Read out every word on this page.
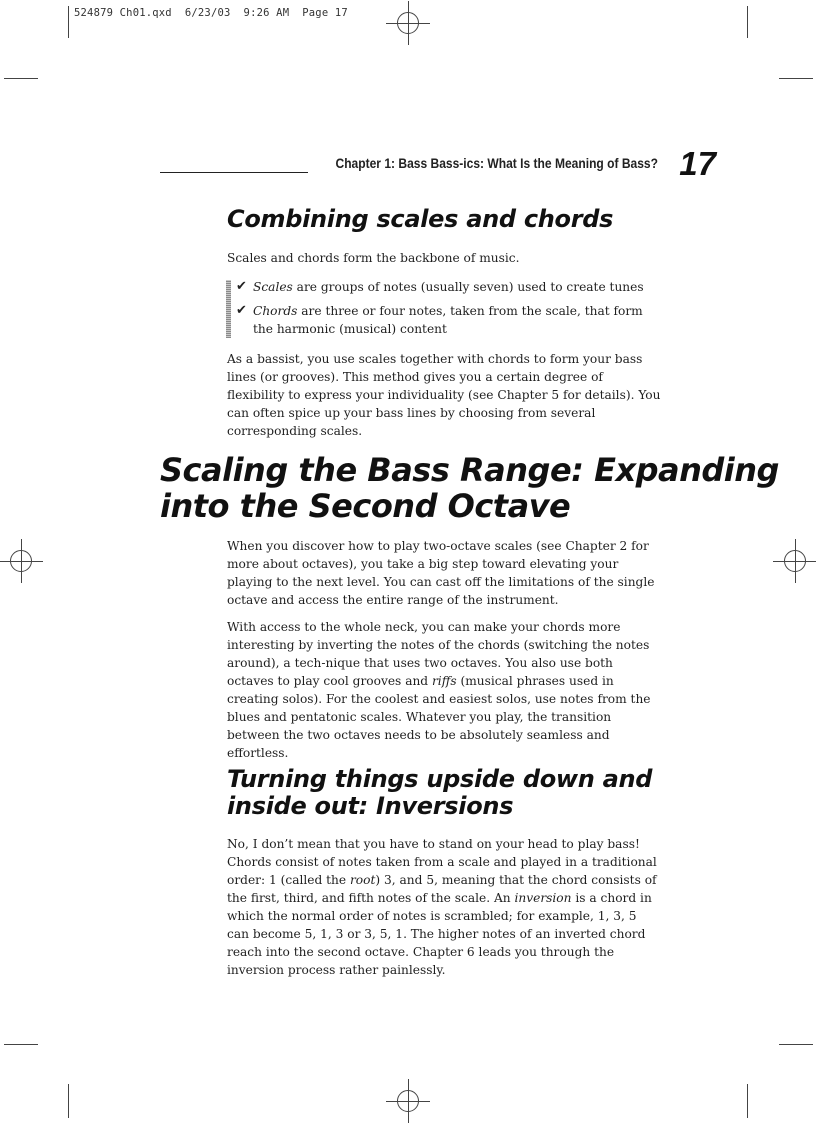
524879 Ch01.qxd  6/23/03  9:26 AM  Page 17
Chapter 1: Bass Bass-ics: What Is the Meaning of Bass? 17
Combining scales and chords

Scales and chords form the backbone of music.

✔ Scales are groups of notes (usually seven) used to create tunes
✔ Chords are three or four notes, taken from the scale, that form the harmonic (musical) content

As a bassist, you use scales together with chords to form your bass lines (or grooves). This method gives you a certain degree of flexibility to express your individuality (see Chapter 5 for details). You can often spice up your bass lines by choosing from several corresponding scales.

Scaling the Bass Range: Expanding
into the Second Octave

When you discover how to play two-octave scales (see Chapter 2 for more about octaves), you take a big step toward elevating your playing to the next level. You can cast off the limitations of the single octave and access the entire range of the instrument.

With access to the whole neck, you can make your chords more interesting by inverting the notes of the chords (switching the notes around), a tech-nique that uses two octaves. You also use both octaves to play cool grooves and riffs (musical phrases used in creating solos). For the coolest and easiest solos, use notes from the blues and pentatonic scales. Whatever you play, the transition between the two octaves needs to be absolutely seamless and effortless.

Turning things upside down and
inside out: Inversions

No, I don’t mean that you have to stand on your head to play bass! Chords consist of notes taken from a scale and played in a traditional order: 1 (called the root) 3, and 5, meaning that the chord consists of the first, third, and fifth notes of the scale. An inversion is a chord in which the normal order of notes is scrambled; for example, 1, 3, 5 can become 5, 1, 3 or 3, 5, 1. The higher notes of an inverted chord reach into the second octave. Chapter 6 leads you through the inversion process rather painlessly.
